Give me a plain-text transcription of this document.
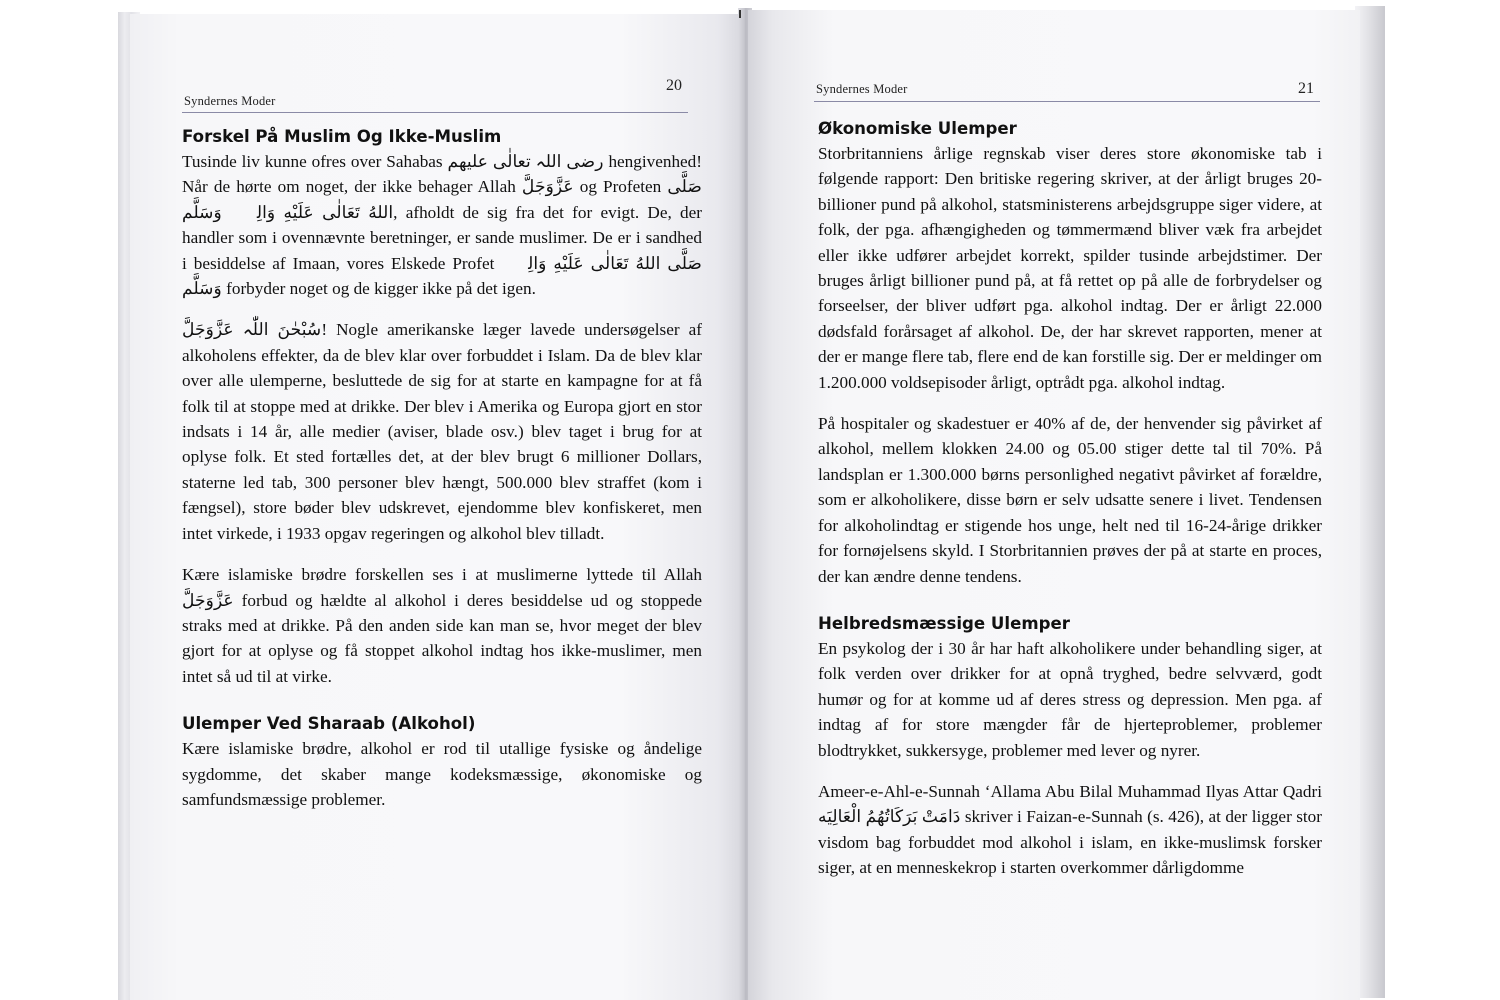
Syndernes Moder
20
Forskel På Muslim Og Ikke-Muslim

Tusinde liv kunne ofres over Sahabas رضی اللہ تعالٰی علیھم hengivenhed! Når de hørte om noget, der ikke behager Allah عَزَّوَجَلَّ og Profeten صَلَّى اللهُ تَعَالٰى عَلَيْهِ وَالِهٖ وَسَلَّم, afholdt de sig fra det for evigt. De, der handler som i ovennævnte beretninger, er sande muslimer. De er i sandhed i besiddelse af Imaan, vores Elskede Profet صَلَّى اللهُ تَعَالٰى عَلَيْهِ وَالِهٖ وَسَلَّم forbyder noget og de kigger ikke på det igen.

سُبْحٰنَ اللّٰہ عَزَّوَجَلَّ! Nogle amerikanske læger lavede undersøgelser af alkoholens effekter, da de blev klar over forbuddet i Islam. Da de blev klar over alle ulemperne, besluttede de sig for at starte en kampagne for at få folk til at stoppe med at drikke. Der blev i Amerika og Europa gjort en stor indsats i 14 år, alle medier (aviser, blade osv.) blev taget i brug for at oplyse folk. Et sted fortælles det, at der blev brugt 6 millioner Dollars, staterne led tab, 300 personer blev hængt, 500.000 blev straffet (kom i fængsel), store bøder blev udskrevet, ejendomme blev konfiskeret, men intet virkede, i 1933 opgav regeringen og alkohol blev tilladt.

Kære islamiske brødre forskellen ses i at muslimerne lyttede til Allah عَزَّوَجَلَّ forbud og hældte al alkohol i deres besiddelse ud og stoppede straks med at drikke. På den anden side kan man se, hvor meget der blev gjort for at oplyse og få stoppet alkohol indtag hos ikke-muslimer, men intet så ud til at virke.

Ulemper Ved Sharaab (Alkohol)

Kære islamiske brødre, alkohol er rod til utallige fysiske og åndelige sygdomme, det skaber mange kodeksmæssige, økonomiske og samfundsmæssige problemer.

Syndernes Moder	21
Økonomiske Ulemper

Storbritanniens årlige regnskab viser deres store økonomiske tab i følgende rapport: Den britiske regering skriver, at der årligt bruges 20-billioner pund på alkohol, statsministerens arbejdsgruppe siger videre, at folk, der pga. afhængigheden og tømmermænd bliver væk fra arbejdet eller ikke udfører arbejdet korrekt, spilder tusinde arbejdstimer. Der bruges årligt billioner pund på, at få rettet op på alle de forbrydelser og forseelser, der bliver udført pga. alkohol indtag. Der er årligt 22.000 dødsfald forårsaget af alkohol. De, der har skrevet rapporten, mener at der er mange flere tab, flere end de kan forstille sig. Der er meldinger om 1.200.000 voldsepisoder årligt, optrådt pga. alkohol indtag.

På hospitaler og skadestuer er 40% af de, der henvender sig påvirket af alkohol, mellem klokken 24.00 og 05.00 stiger dette tal til 70%. På landsplan er 1.300.000 børns personlighed negativt påvirket af forældre, som er alkoholikere, disse børn er selv udsatte senere i livet. Tendensen for alkoholindtag er stigende hos unge, helt ned til 16-24-årige drikker for fornøjelsens skyld. I Storbritannien prøves der på at starte en proces, der kan ændre denne tendens.

Helbredsmæssige Ulemper

En psykolog der i 30 år har haft alkoholikere under behandling siger, at folk verden over drikker for at opnå tryghed, bedre selvværd, godt humør og for at komme ud af deres stress og depression. Men pga. af indtag af for store mængder får de hjerteproblemer, problemer blodtrykket, sukkersyge, problemer med lever og nyrer.

Ameer-e-Ahl-e-Sunnah ‘Allama Abu Bilal Muhammad Ilyas Attar Qadri دَامَتْ بَرَكَاتُهُمُ الْعَالِيَه skriver i Faizan-e-Sunnah (s. 426), at der ligger stor visdom bag forbuddet mod alkohol i islam, en ikke-muslimsk forsker siger, at en menneskekrop i starten overkommer dårligdomme
